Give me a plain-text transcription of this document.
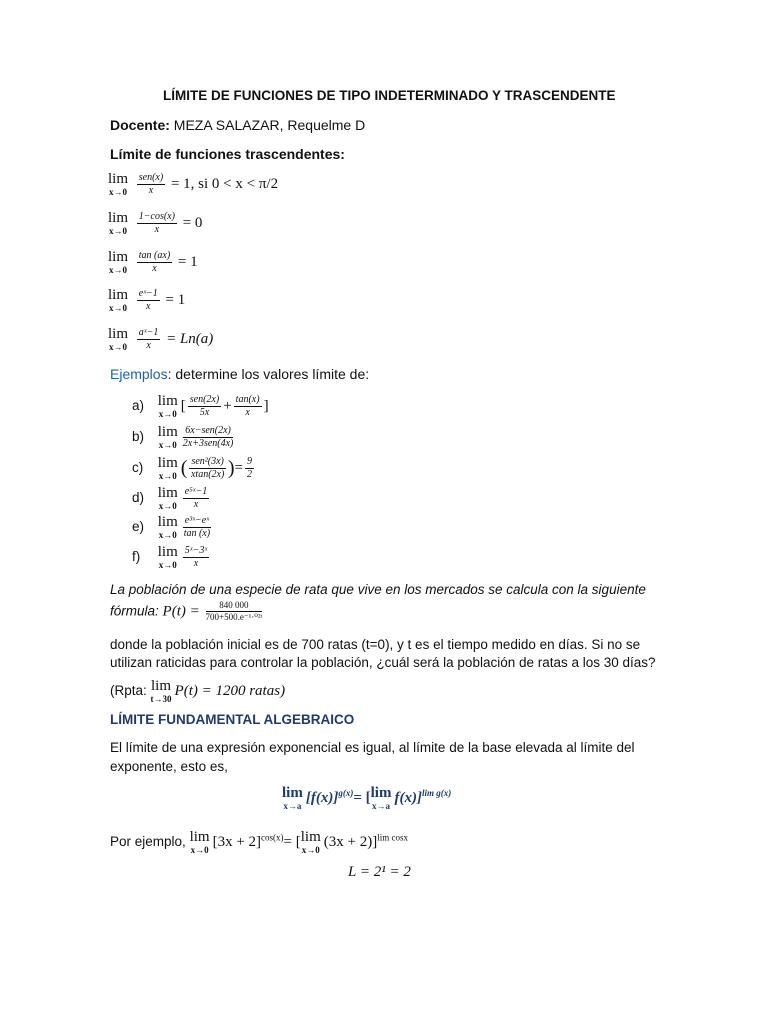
LÍMITE DE FUNCIONES DE TIPO INDETERMINADO Y TRASCENDENTE
Docente: MEZA SALAZAR, Requelme D
Límite de funciones trascendentes:
lim
x→0
$\frac{\text{sen(x)}}{x} = 1$, si 0 < x < π/2
lim
x→0
$\frac{1-\cos(x)}{x} = 0$
lim
x→0
$\frac{\tan (ax)}{x} = 1$
lim
x→0
$\frac{\text{eˣ−1}}{x} = 1$
lim
x→0
$\frac{\text{aˣ−1}}{x} = Ln(a)$
Ejemplos: determine los valores límite de:
a) lim
x→0 [ $\frac{\text{sen(2x)}}{5x} + \frac{\tan(x)}{x}$ ]
b) lim
$x\to 0 \frac{\text{6x−sen(2x)}}{\text{2x+3sen(4x)}}$
c) lim
x→0 ( $\frac{\text{sen²(3x)}}{xtan(2x)}$ )= $\frac{9}{2}$
d) lim
$x\to 0 \frac{\text{e⁵ˣ−1}}{x}$
e) lim
$x\to 0 \frac{\text{e³ˣ−eˣ}}{\tan (x)}$
f) lim
$x\to 0 \frac{\text{5ˣ−3ˣ}}{x}$
La población de una especie de rata que vive en los mercados se calcula con la siguiente
fórmula: $P(t) = \frac{840 000}{\text{700+500.e⁻¹·⁰²ᵗ}}$
donde la población inicial es de 700 ratas (t=0), y t es el tiempo medido en días. Si no se
utilizan raticidas para controlar la población, ¿cuál será la población de ratas a los 30 días?
(Rpta: lim
t→30 P(t) = 1200 ratas)
LÍMITE FUNDAMENTAL ALGEBRAICO
El límite de una expresión exponencial es igual, al límite de la base elevada al límite del
exponente, esto es,
lim
x→a $[f(x)]^{g(x)}=$ [ lim
x→a f(x)]$^{lim g(x)}$
Por ejemplo, lim
x→0 $[3x + 2]^{cos(x)}=$ [ lim
x→0 (3x + 2)]$^{lim cosx}$
L = 2¹ = 2
